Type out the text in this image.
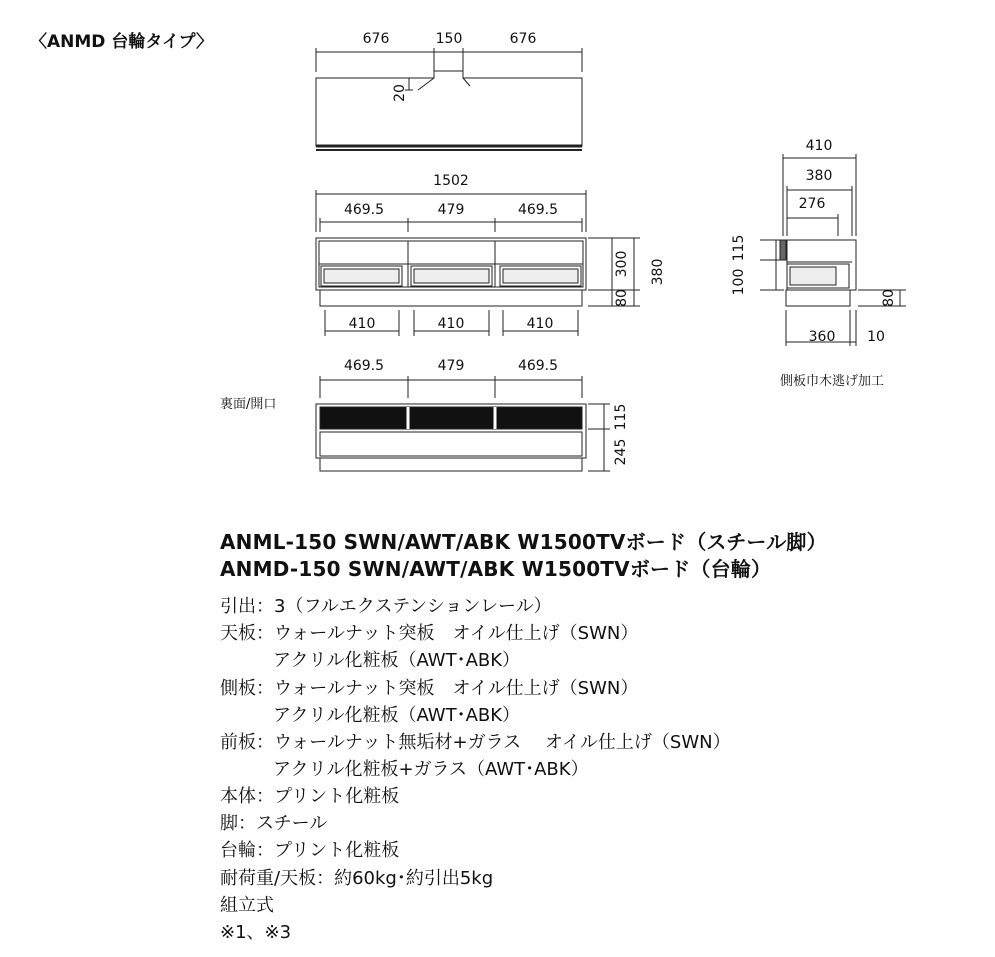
〈ANMD 台輪タイプ〉	676	150	676
20
1502
469.5	479	469.5
410	410	410
300
80
380
裏面/開口
469.5	479	469.5
115
245
410
380
276
115
100
80
360 10
側板巾木逃げ加工
ANML-150 SWN/AWT/ABK W1500TVボード（スチール脚）
ANMD-150 SWN/AWT/ABK W1500TVボード（台輪）
引出：3（フルエクステンションレール）
天板：ウォールナット突板　オイル仕上げ（SWN）
アクリル化粧板（AWT･ABK）
側板：ウォールナット突板　オイル仕上げ（SWN）
アクリル化粧板（AWT･ABK）
前板：ウォールナット無垢材+ガラス　 オイル仕上げ（SWN）
アクリル化粧板+ガラス（AWT･ABK）
本体：プリント化粧板
脚：スチール
台輪：プリント化粧板
耐荷重/天板：約60kg･約引出5kg
組立式
※1、※3
